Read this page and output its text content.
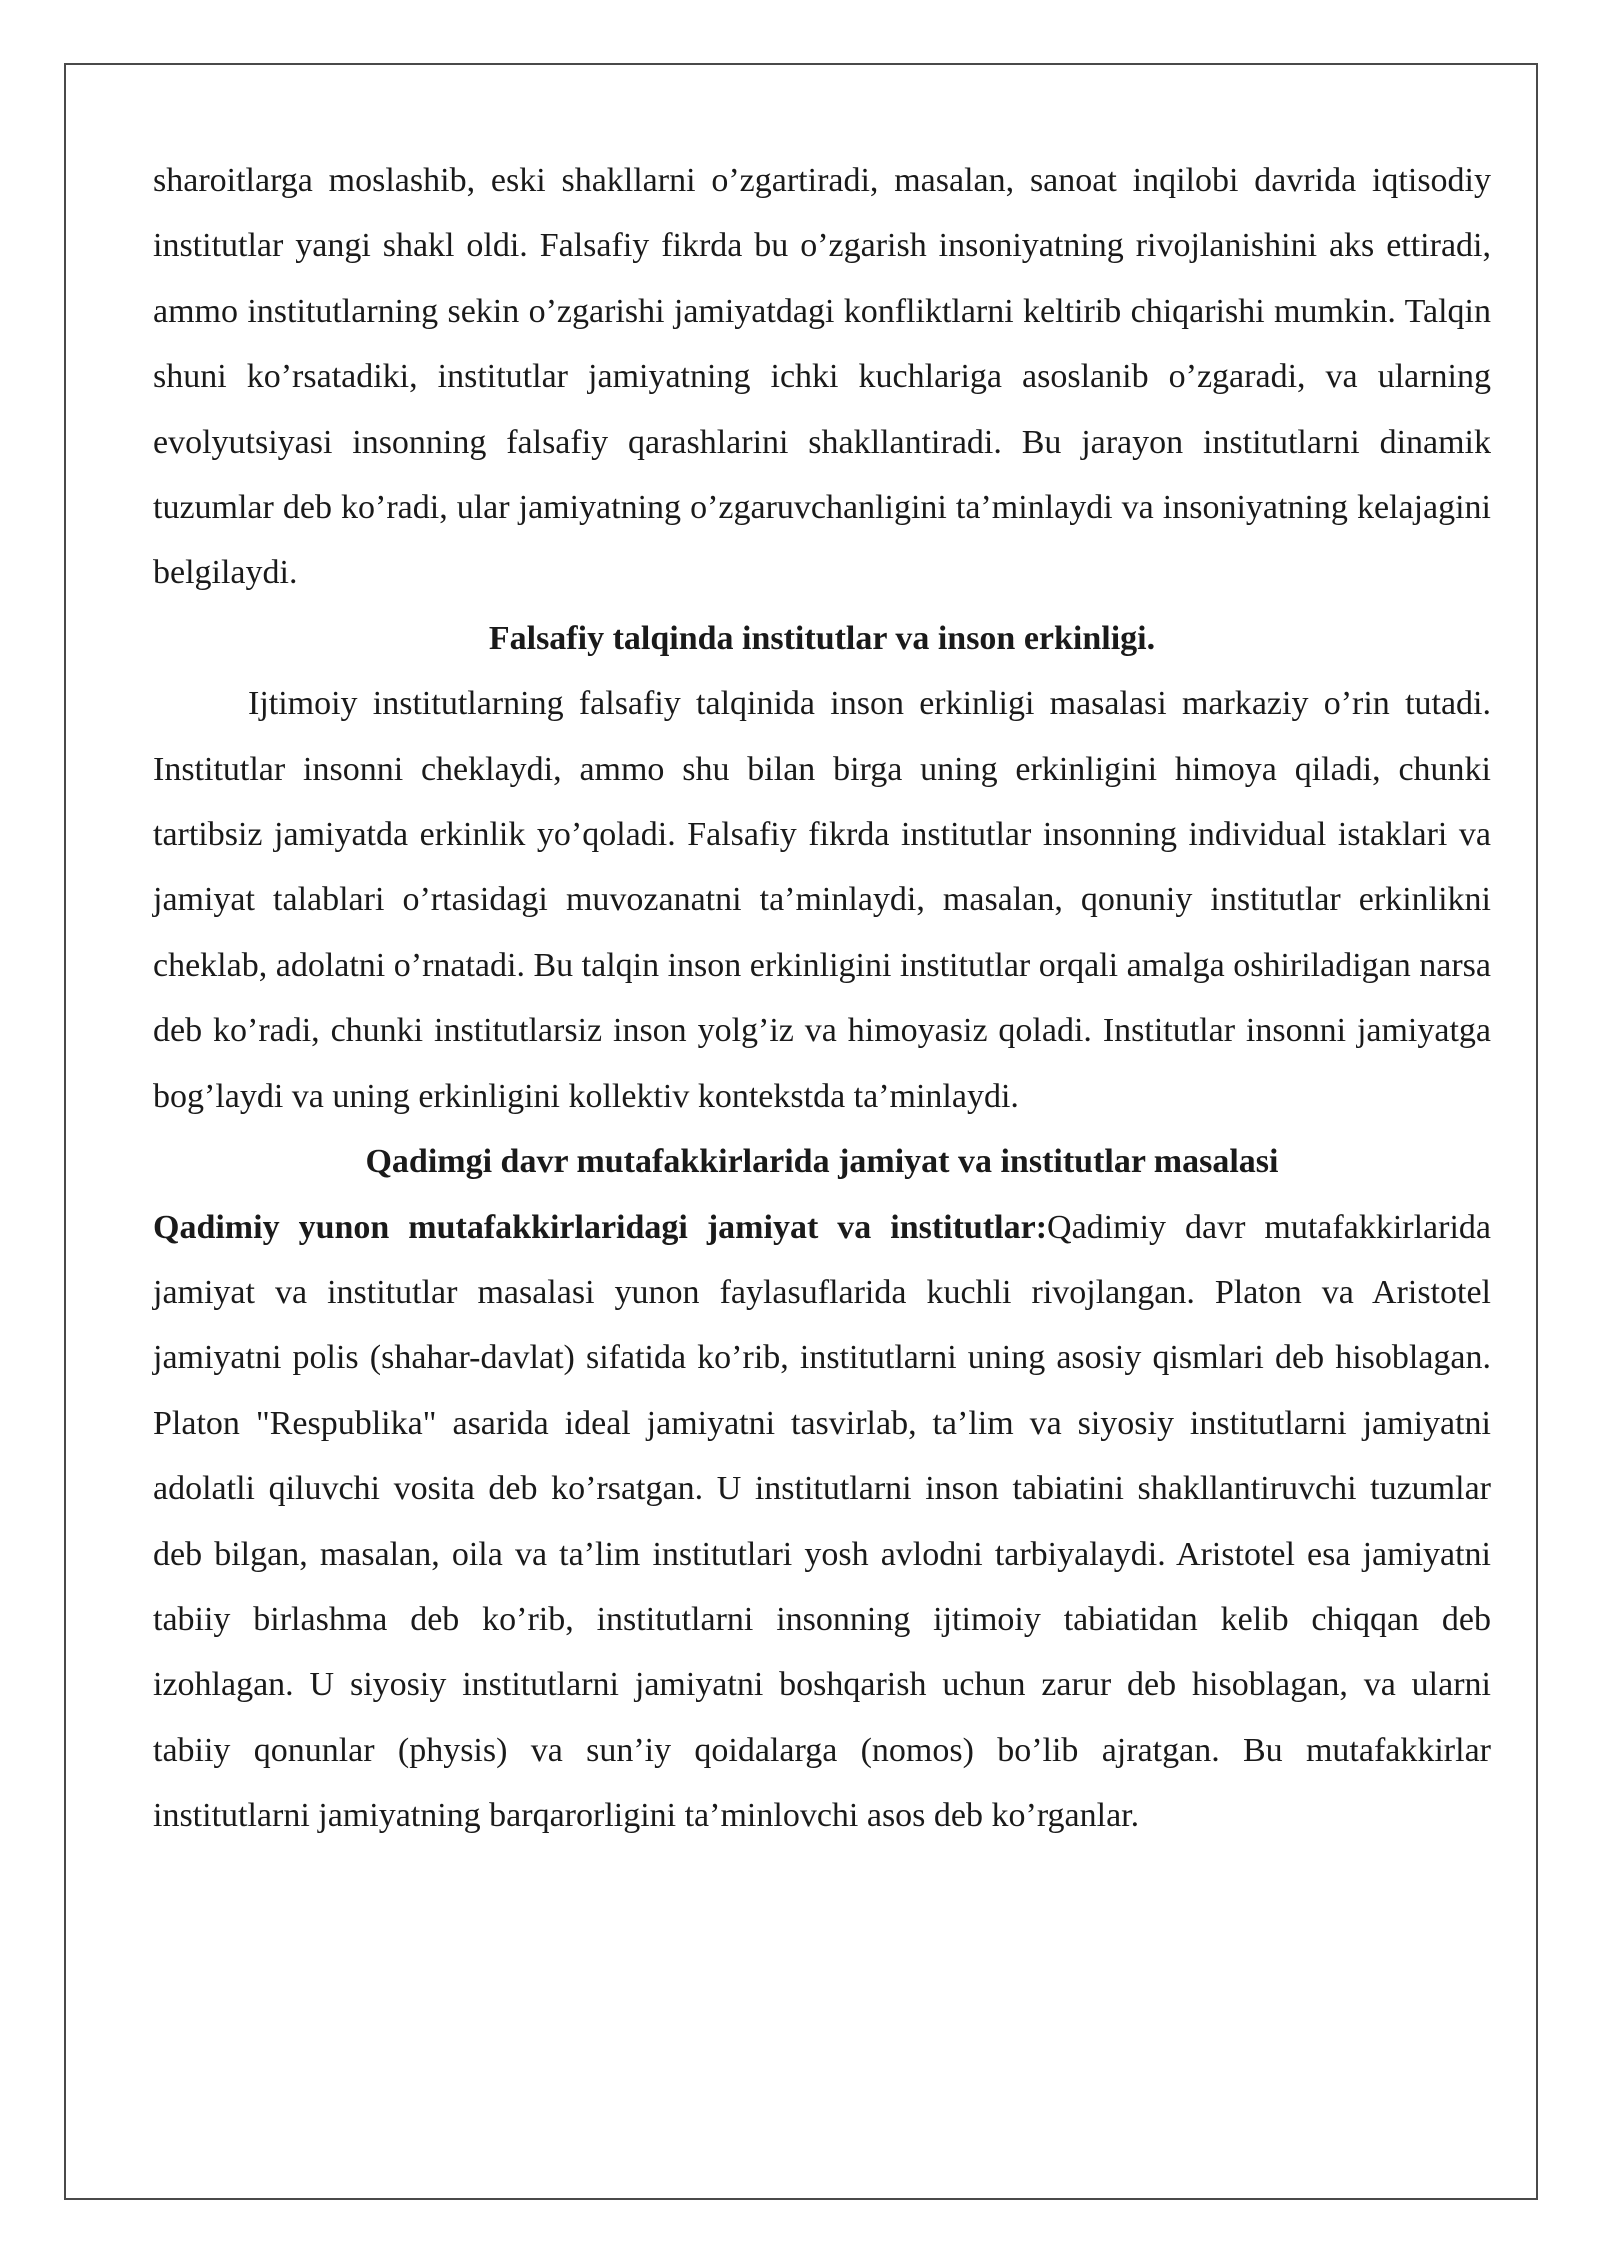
sharoitlarga moslashib, eski shakllarni o’zgartiradi, masalan, sanoat inqilobi davrida iqtisodiy institutlar yangi shakl oldi. Falsafiy fikrda bu o’zgarish insoniyatning rivojlanishini aks ettiradi, ammo institutlarning sekin o’zgarishi jamiyatdagi konfliktlarni keltirib chiqarishi mumkin. Talqin shuni ko’rsatadiki, institutlar jamiyatning ichki kuchlariga asoslanib o’zgaradi, va ularning evolyutsiyasi insonning falsafiy qarashlarini shakllantiradi. Bu jarayon institutlarni dinamik tuzumlar deb ko’radi, ular jamiyatning o’zgaruvchanligini ta’minlaydi va insoniyatning kelajagini belgilaydi.

Falsafiy talqinda institutlar va inson erkinligi.

Ijtimoiy institutlarning falsafiy talqinida inson erkinligi masalasi markaziy o’rin tutadi. Institutlar insonni cheklaydi, ammo shu bilan birga uning erkinligini himoya qiladi, chunki tartibsiz jamiyatda erkinlik yo’qoladi. Falsafiy fikrda institutlar insonning individual istaklari va jamiyat talablari o’rtasidagi muvozanatni ta’minlaydi, masalan, qonuniy institutlar erkinlikni cheklab, adolatni o’rnatadi. Bu talqin inson erkinligini institutlar orqali amalga oshiriladigan narsa deb ko’radi, chunki institutlarsiz inson yolg’iz va himoyasiz qoladi. Institutlar insonni jamiyatga bog’laydi va uning erkinligini kollektiv kontekstda ta’minlaydi.

Qadimgi davr mutafakkirlarida jamiyat va institutlar masalasi

Qadimiy yunon mutafakkirlaridagi jamiyat va institutlar:Qadimiy davr mutafakkirlarida jamiyat va institutlar masalasi yunon faylasuflarida kuchli rivojlangan. Platon va Aristotel jamiyatni polis (shahar-davlat) sifatida ko’rib, institutlarni uning asosiy qismlari deb hisoblagan. Platon "Respublika" asarida ideal jamiyatni tasvirlab, ta’lim va siyosiy institutlarni jamiyatni adolatli qiluvchi vosita deb ko’rsatgan. U institutlarni inson tabiatini shakllantiruvchi tuzumlar deb bilgan, masalan, oila va ta’lim institutlari yosh avlodni tarbiyalaydi. Aristotel esa jamiyatni tabiiy birlashma deb ko’rib, institutlarni insonning ijtimoiy tabiatidan kelib chiqqan deb izohlagan. U siyosiy institutlarni jamiyatni boshqarish uchun zarur deb hisoblagan, va ularni tabiiy qonunlar (physis) va sun’iy qoidalarga (nomos) bo’lib ajratgan. Bu mutafakkirlar institutlarni jamiyatning barqarorligini ta’minlovchi asos deb ko’rganlar.
